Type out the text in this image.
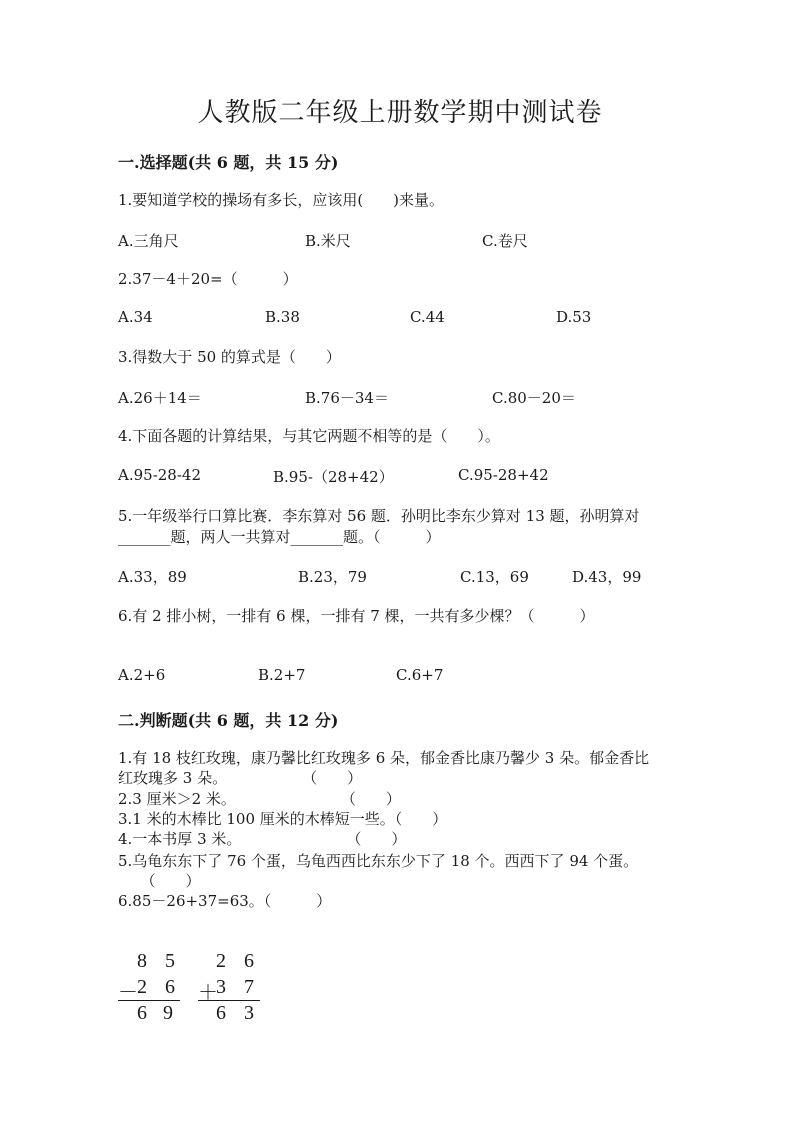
人教版二年级上册数学期中测试卷
一.选择题(共 6 题，共 15 分)
1.要知道学校的操场有多长，应该用(　　)来量。
A.三角尺	B.米尺	C.卷尺
2.37－4＋20=（　　　）
A.34	B.38	C.44	D.53
3.得数大于 50 的算式是（　　）
A.26＋14＝	B.76－34＝	C.80－20＝
4.下面各题的计算结果，与其它两题不相等的是（　　）。
A.95-28-42	B.95-（28+42）	C.95-28+42
5.一年级举行口算比赛．李东算对 56 题．孙明比李东少算对 13 题，孙明算对
_______题，两人一共算对_______题。（　　　）
A.33，89	B.23，79	C.13，69	D.43，99
6.有 2 排小树，一排有 6 棵，一排有 7 棵，一共有多少棵？（　　　）
A.2+6	B.2+7	C.6+7
二.判断题(共 6 题，共 12 分)
1.有 18 枝红玫瑰，康乃馨比红玫瑰多 6 朵，郁金香比康乃馨少 3 朵。郁金香比
红玫瑰多 3 朵。　　　　　　（　　）
2.3 厘米＞2 米。　　　　　　　　（　　）
3.1 米的木棒比 100 厘米的木棒短一些。（　　）
4.一本书厚 3 米。　　　　　　　　（　　）
5.乌龟东东下了 76 个蛋，乌龟西西比东东少下了 18 个。西西下了 94 个蛋。
　　（　　）
6.85－26+37=63。（　　　）
8 5
－ 2 6
6 9
2 6
＋
3 7
6 3
